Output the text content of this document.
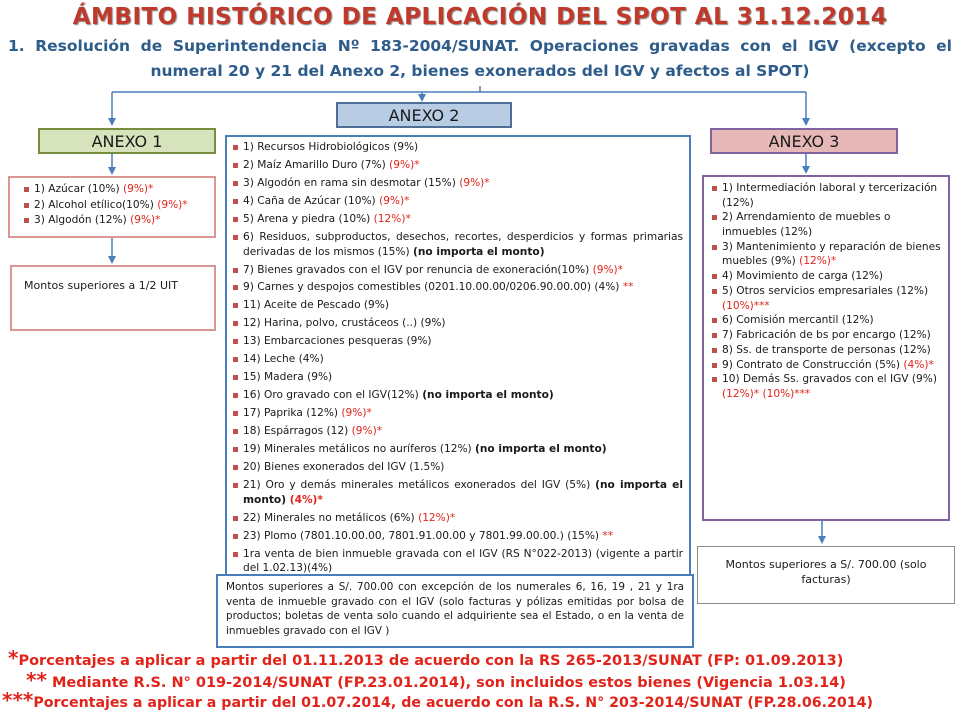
ÁMBITO HISTÓRICO DE APLICACIÓN DEL SPOT AL 31.12.2014
1. Resolución de Superintendencia Nº 183-2004/SUNAT. Operaciones gravadas con el IGV (excepto el numeral 20 y 21 del Anexo 2, bienes exonerados del IGV y afectos al SPOT)
ANEXO 2
ANEXO 1	ANEXO 3
1) Azúcar (10%) (9%)*
2) Alcohol etílico(10%) (9%)*
3) Algodón (12%) (9%)*
Montos superiores a 1/2 UIT
1) Recursos Hidrobiológicos (9%)
2) Maíz Amarillo Duro (7%) (9%)*
3) Algodón en rama sin desmotar (15%) (9%)*
4) Caña de Azúcar (10%) (9%)*
5) Arena y piedra (10%) (12%)*
6) Residuos, subproductos, desechos, recortes, desperdicios y formas primarias derivadas de los mismos (15%) (no importa el monto)
7) Bienes gravados con el IGV por renuncia de exoneración(10%) (9%)*
9) Carnes y despojos comestibles (0201.10.00.00/0206.90.00.00) (4%) **
11) Aceite de Pescado (9%)
12) Harina, polvo, crustáceos (..) (9%)
13) Embarcaciones pesqueras (9%)
14) Leche (4%)
15) Madera (9%)
16) Oro gravado con el IGV(12%) (no importa el monto)
17) Paprika (12%) (9%)*
18) Espárragos (12) (9%)*
19) Minerales metálicos no auríferos (12%) (no importa el monto)
20) Bienes exonerados del IGV (1.5%)
21) Oro y demás minerales metálicos exonerados del IGV (5%) (no importa el monto) (4%)*
22) Minerales no metálicos (6%) (12%)*
23) Plomo (7801.10.00.00, 7801.91.00.00 y 7801.99.00.00.) (15%) **
1ra venta de bien inmueble gravada con el IGV (RS N°022-2013) (vigente a partir del 1.02.13)(4%)
Montos superiores a S/. 700.00 con excepción de los numerales 6, 16, 19 , 21 y 1ra venta de inmueble gravado con el IGV (solo facturas y pólizas emitidas por bolsa de productos; boletas de venta solo cuando el adquiriente sea el Estado, o en la venta de inmuebles gravado con el IGV )
1) Intermediación laboral y tercerización (12%)
2) Arrendamiento de muebles o inmuebles (12%)
3) Mantenimiento y reparación de bienes muebles (9%) (12%)*
4) Movimiento de carga (12%)
5) Otros servicios empresariales (12%) (10%)***
6) Comisión mercantil (12%)
7) Fabricación de bs por encargo (12%)
8) Ss. de transporte de personas (12%)
9) Contrato de Construcción (5%) (4%)*
10) Demás Ss. gravados con el IGV (9%) (12%)* (10%)***
Montos superiores a S/. 700.00 (solo facturas)
*Porcentajes a aplicar a partir del 01.11.2013 de acuerdo con la RS 265-2013/SUNAT (FP: 01.09.2013)
** Mediante R.S. N° 019-2014/SUNAT (FP.23.01.2014), son incluidos estos bienes (Vigencia 1.03.14)
***Porcentajes a aplicar a partir del 01.07.2014, de acuerdo con la R.S. N° 203-2014/SUNAT (FP.28.06.2014)
